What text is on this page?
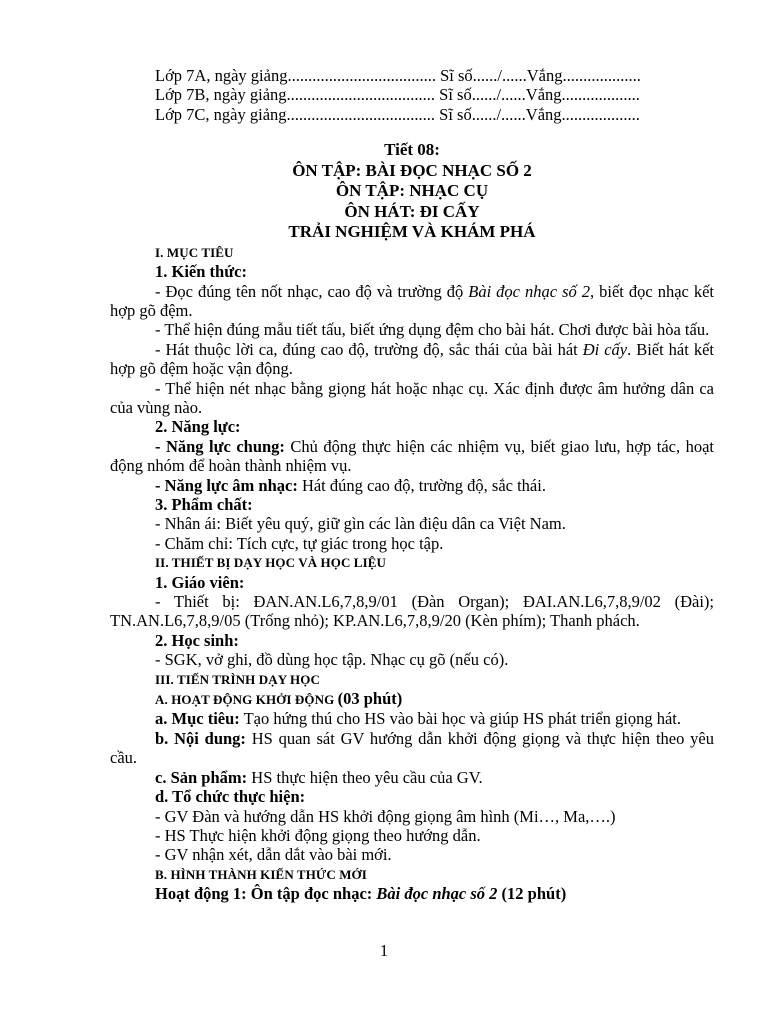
Lớp 7A, ngày giảng.................................... Sĩ số....../......Vắng...................
Lớp 7B, ngày giảng.................................... Sĩ số....../......Vắng...................
Lớp 7C, ngày giảng.................................... Sĩ số....../......Vắng...................
Tiết 08:
ÔN TẬP: BÀI ĐỌC NHẠC SỐ 2
ÔN TẬP: NHẠC CỤ
ÔN HÁT: ĐI CẤY
TRẢI NGHIỆM VÀ KHÁM PHÁ
I. MỤC TIÊU
1. Kiến thức:
- Đọc đúng tên nốt nhạc, cao độ và trường độ Bài đọc nhạc số 2, biết đọc nhạc kết hợp gõ đệm.
- Thể hiện đúng mẫu tiết tấu, biết ứng dụng đệm cho bài hát. Chơi được bài hòa tấu.
- Hát thuộc lời ca, đúng cao độ, trường độ, sắc thái của bài hát Đi cấy. Biết hát kết hợp gõ đệm hoặc vận động.
- Thể hiện nét nhạc bằng giọng hát hoặc nhạc cụ. Xác định được âm hưởng dân ca của vùng nào.
2. Năng lực:
- Năng lực chung: Chủ động thực hiện các nhiệm vụ, biết giao lưu, hợp tác, hoạt động nhóm để hoàn thành nhiệm vụ.
- Năng lực âm nhạc: Hát đúng cao độ, trường độ, sắc thái.
3. Phẩm chất:
- Nhân ái: Biết yêu quý, giữ gìn các làn điệu dân ca Việt Nam.
- Chăm chỉ: Tích cực, tự giác trong học tập.
II. THIẾT BỊ DẠY HỌC VÀ HỌC LIỆU
1. Giáo viên:
- Thiết bị: ĐAN.AN.L6,7,8,9/01 (Đàn Organ); ĐAI.AN.L6,7,8,9/02 (Đài); TN.AN.L6,7,8,9/05 (Trống nhỏ); KP.AN.L6,7,8,9/20 (Kèn phím); Thanh phách.
2. Học sinh:
- SGK, vở ghi, đồ dùng học tập. Nhạc cụ gõ (nếu có).
III. TIẾN TRÌNH DẠY HỌC
A. HOẠT ĐỘNG KHỞI ĐỘNG (03 phút)
a. Mục tiêu: Tạo hứng thú cho HS vào bài học và giúp HS phát triển giọng hát.
b. Nội dung: HS quan sát GV hướng dẫn khởi động giọng và thực hiện theo yêu cầu.
c. Sản phẩm: HS thực hiện theo yêu cầu của GV.
d. Tổ chức thực hiện:
- GV Đàn và hướng dẫn HS khởi động giọng âm hình (Mi…, Ma,….)
- HS Thực hiện khởi động giọng theo hướng dẫn.
- GV nhận xét, dẫn dắt vào bài mới.
B. HÌNH THÀNH KIẾN THỨC MỚI
Hoạt động 1: Ôn tập đọc nhạc: Bài đọc nhạc số 2 (12 phút)
1
